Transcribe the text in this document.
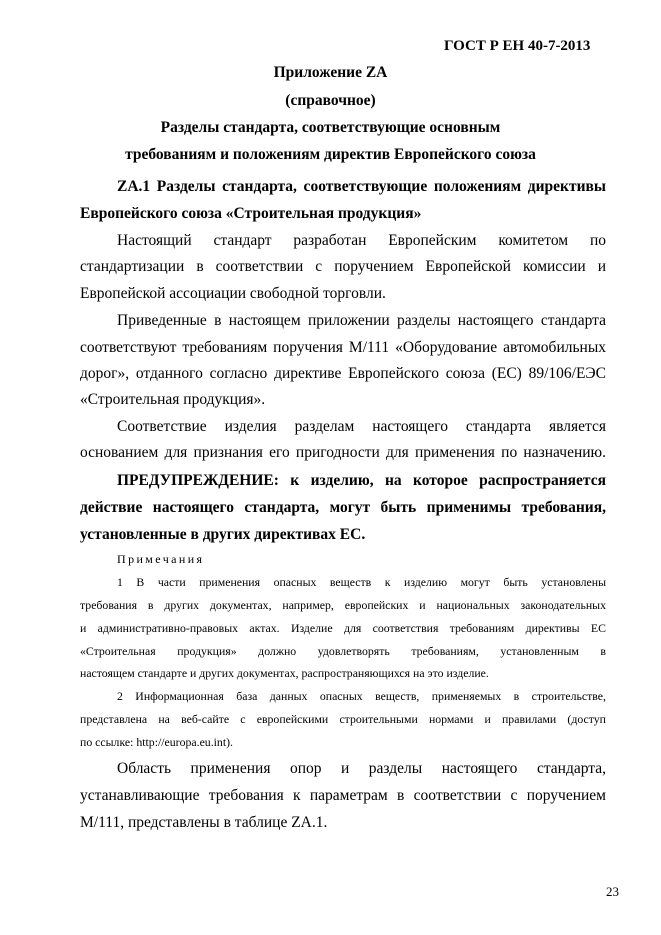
ГОСТ Р ЕН 40-7-2013
Приложение ZA
(справочное)
Разделы стандарта, соответствующие основным
требованиям и положениям директив Европейского союза
ZA.1 Разделы стандарта, соответствующие положениям директивы
Европейского союза «Строительная продукция»
Настоящий стандарт разработан Европейским комитетом по
стандартизации в соответствии с поручением Европейской комиссии и
Европейской ассоциации свободной торговли.
Приведенные в настоящем приложении разделы настоящего стандарта
соответствуют требованиям поручения М/111 «Оборудование автомобильных
дорог», отданного согласно директиве Европейского союза (ЕС) 89/106/ЕЭС
«Строительная продукция».
Соответствие изделия разделам настоящего стандарта является
основанием для признания его пригодности для применения по назначению.
ПРЕДУПРЕЖДЕНИЕ: к изделию, на которое распространяется
действие настоящего стандарта, могут быть применимы требования,
установленные в других директивах ЕС.
Примечания
1 В части применения опасных веществ к изделию могут быть установлены
требования в других документах, например, европейских и национальных законодательных
и административно-правовых актах. Изделие для соответствия требованиям директивы ЕС
«Строительная продукция» должно удовлетворять требованиям, установленным в
настоящем стандарте и других документах, распространяющихся на это изделие.
2 Информационная база данных опасных веществ, применяемых в строительстве,
представлена на веб-сайте с европейскими строительными нормами и правилами (доступ
по ссылке: http://europa.eu.int).
Область применения опор и разделы настоящего стандарта,
устанавливающие требования к параметрам в соответствии с поручением
М/111, представлены в таблице ZA.1.
23
